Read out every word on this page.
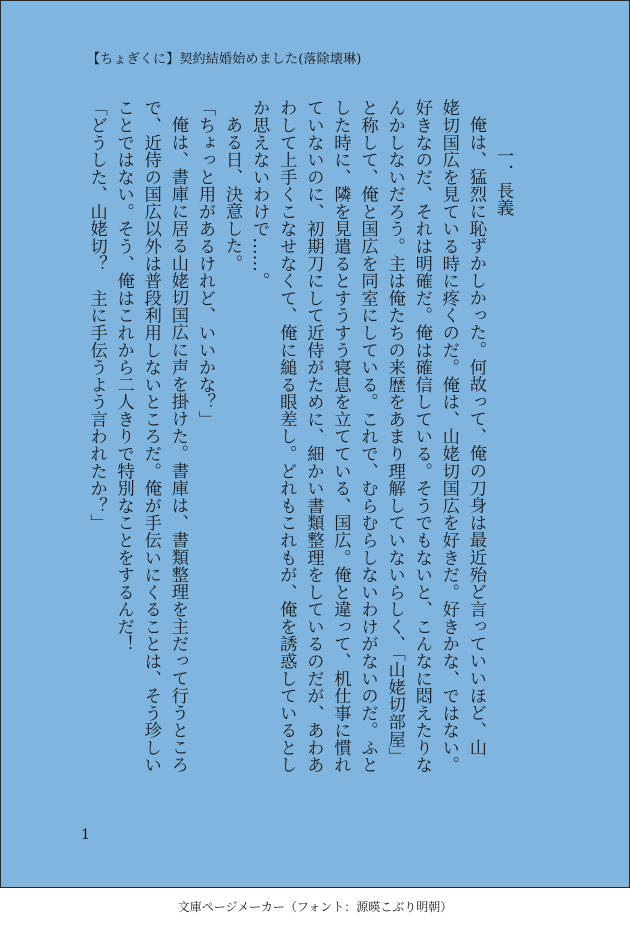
【ちょぎくに】契約結婚始めました(落除壊琳)

一．長義

俺は、猛烈に恥ずかしかった。何故って、俺の刀身は最近殆ど言っていいほど、山

姥切国広を見ている時に疼くのだ。俺は、山姥切国広を好きだ。好きかな、ではない。

好きなのだ、それは明確だ。俺は確信している。そうでもないと、こんなに悶えたりな

んかしないだろう。主は俺たちの来歴をあまり理解していないらしく、「山姥切部屋」

と称して、俺と国広を同室にしている。これで、むらむらしないわけがないのだ。ふと

した時に、隣を見遣るとすうすう寝息を立てている、国広。俺と違って、机仕事に慣れ

ていないのに、初期刀にして近侍がために、細かい書類整理をしているのだが、あわあ

わして上手くこなせなくて、俺に縋る眼差し。どれもこれもが、俺を誘惑しているとし

か思えないわけで……。

ある日、決意した。

「ちょっと用があるけれど、いいかな？」

俺は、書庫に居る山姥切国広に声を掛けた。書庫は、書類整理を主だって行うところ

で、近侍の国広以外は普段利用しないところだ。俺が手伝いにくることは、そう珍しい

ことではない。そう、俺はこれから二人きりで特別なことをするんだ！

「どうした、山姥切？　主に手伝うよう言われたか？」

1
文庫ページメーカー（フォント：源暎こぶり明朝）
